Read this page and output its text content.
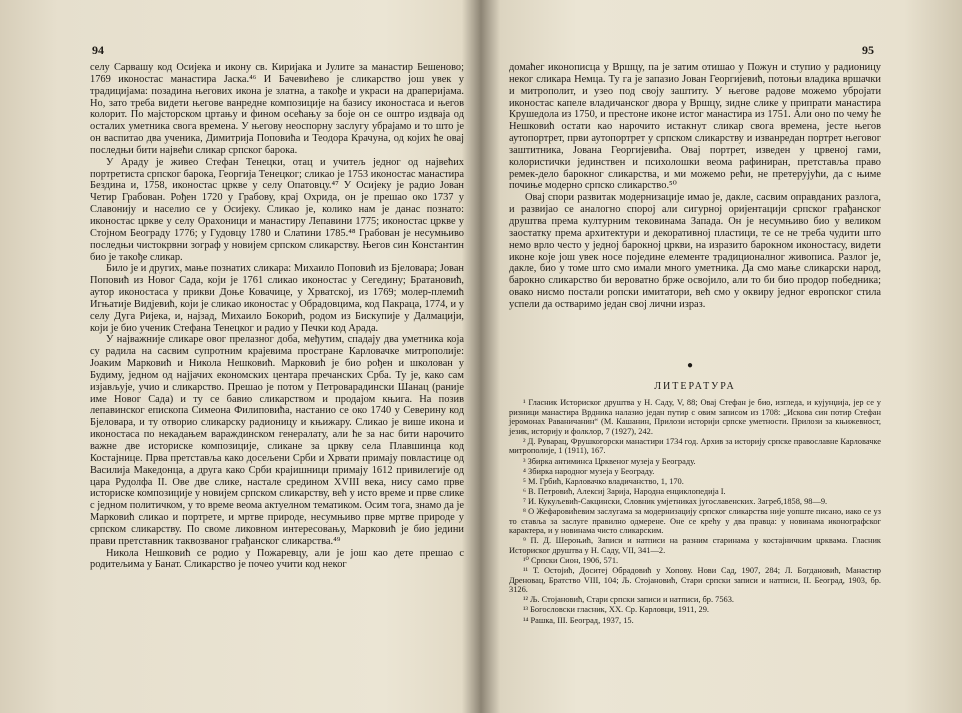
94

селу Сарвашу код Осијека и икону св. Киријака и Јулите за манастир Бешеново; 1769 иконостас манастира Јаска.⁴⁶ И Бачевићево је сликарство још увек у традицијама: позадина његових икона је златна, а такође и украси на драперијама. Но, зато треба видети његове ванредне композиције на базису иконостаса и његов колорит. По мајсторском цртању и фином осећању за боје он се оштро издваја од осталих уметника свога времена. У његову неоспорну заслугу убрајамо и то што је он васпитао два ученика, Димитрија Поповића и Теодора Крачуна, од којих ће овај последњи бити највећи сликар српског барока.

У Араду је живео Стефан Тенецки, отац и учитељ једног од највећих портретиста српског барока, Георгија Тенецког; сликао је 1753 иконостас манастира Бездина и, 1758, иконостас цркве у селу Опатовцу.⁴⁷ У Осијеку је радио Јован Четир Грабован. Рођен 1720 у Грабову, крај Охрида, он је прешао око 1737 у Славонију и населио се у Осијеку. Сликао је, колико нам је данас познато: иконостас цркве у селу Орахоници и манастиру Лепавини 1775; иконостас цркве у Стојном Београду 1776; у Гудовцу 1780 и Слатини 1785.⁴⁸ Грабован је несумњиво последњи чистокрвни зограф у новијем српском сликарству. Његов син Константин био је такође сликар.

Било је и других, мање познатих сликара: Михаило Поповић из Бјеловара; Јован Поповић из Новог Сада, који је 1761 сликао иконостас у Сегедину; Братановић, аутор иконостаса у прикви Доње Ковачице, у Хрватској, из 1769; молер-племић Игњатије Видјевић, који је сликао иконостас у Обрадовцима, код Пакраца, 1774, и у селу Дуга Ријека, и, најзад, Михаило Бокорић, родом из Бискупије у Далмацији, који је био ученик Стефана Тенецког и радио у Печки код Арада.

У најважније сликаре овог прелазног доба, међутим, спадају два уметника која су радила на сасвим супротним крајевима простране Карловачке митрополије: Јоаким Марковић и Никола Нешковић. Марковић је био рођен и школован у Будиму, једном од најјачих економских центара пречанских Срба. Ту је, како сам изјављује, учио и сликарство. Прешао је потом у Петроварадински Шанац (раније име Новог Сада) и ту се бавио сликарством и продајом књига. На позив лепавинског епископа Симеона Филиповића, настанио се око 1740 у Северину код Бјеловара, и ту отворио сликарску радионицу и књижару. Сликао је више икона и иконостаса по некадањем вараждинском генералату, али ће за нас бити нарочито важне две историске композиције, сликане за цркву села Плавшинца код Костајнице. Прва претставља како досељени Срби и Хрвати примају повластице од Василија Македонца, а друга како Срби крајишници примају 1612 привилегије од цара Рудолфа II. Ове две слике, настале средином XVIII века, нису само прве историске композиције у новијем српском сликарству, већ у исто време и прве слике с једном политичком, у то време веома актуелном тематиком. Осим тога, знамо да је Марковић сликао и портрете, и мртве природе, несумњиво прве мртве природе у српском сликарству. По своме ликовном интересовању, Марковић је био једини прави претставник таквозваног грађанског сликарства.⁴⁹

Никола Нешковић се родио у Пожаревцу, али је још као дете прешао с родитељима у Банат. Сликарство је почео учити код неког

95

домаћег иконописца у Вршцу, па је затим отишао у Пожун и ступио у радионицу неког сликара Немца. Ту га је запазио Јован Георгијевић, потоњи владика вршачки и митрополит, и узео под своју заштиту. У његове радове можемо убројати иконостас капеле владичанског двора у Вршцу, зидне слике у припрати манастира Крушедола из 1750, и престоне иконе истог манастира из 1751. Али оно по чему ће Нешковић остати као нарочито истакнут сликар свога времена, јесте његов аутопортрет, први аутопортрет у српском сликарству и изванредан портрет његовог заштитника, Јована Георгијевића. Овај портрет, изведен у црвеној гами, колористички јединствен и психолошки веома рафиниран, претставља право ремек-дело барокног сликарства, и ми можемо рећи, не претерујући, да с њиме почиње модерно српско сликарство.⁵⁰

Овај спори развитак модернизације имао је, дакле, сасвим оправданих разлога, и развијао се аналогно спорој али сигурној оријентацији српског грађанског друштва према културним тековинама Запада. Он је несумњиво био у великом заостатку према архитектури и декоративној пластици, те се не треба чудити што немо врло често у једној барокној цркви, на изразито барокном иконостасу, видети иконе које још увек носе поједине елементе традиционалног живописа. Разлог је, дакле, био у томе што смо имали много уметника. Да смо мање сликарски народ, барокно сликарство би вероватно брже освојило, али то би био продор победника; овако нисмо постали ропски имитатори, већ смо у оквиру једног европског стила успели да остваримо један свој лични израз.

●
ЛИТЕРАТУРА

¹ Гласник Историског друштва у Н. Саду, V, 88; Овај Стефан је био, изгледа, и кујунџија, јер се у ризници манастира Врдника налазио један путир с овим записом из 1708: „Искова син потир Стефан јеромонах Раваничанин“ (М. Кашанин, Прилози историји српске уметности. Прилози за књижевност, језик, историју и фолклор, 7 (1927), 242.

² Д. Руварац, Фрушкогорски манастири 1734 год. Архив за историју српске православне Карловачке митрополије, 1 (1911), 167.

³ Збирка антиминса Црквеног музеја у Београду.

⁴ Збирка народног музеја у Београду.

⁵ М. Грбић, Карловачко владичанство, 1, 170.

⁶ В. Петровић, Алексиј Зарија, Народна енциклопедија I.

⁷ И. Кукуљевић-Сакцински, Словник умјетникаx југославенских. Загреб,1858, 98—9.

⁸ О Жефаровићевим заслугама за модернизацију српског сликарства није уопште писано, иако се уз то ставља за заслуге правилно одмерене. Оне се крећу у два правца: у новинама иконографског карактера, и у новинама чисто сликарским.

⁹ П. Д. Шероњић, Записи и натписи на разним старинама у костајничким црквама. Гласник Историског друштва у Н. Саду, VII, 341—2.

¹⁰ Српски Сион, 1906, 571.

¹¹ Т. Остојић, Доситеј Обрадовић у Хопову. Нови Сад, 1907, 284; Л. Богдановић, Манастир Дреновац, Братство VIII, 104; Љ. Стојановић, Стари српски записи и натписи, II. Београд, 1903, бр. 3126.

¹² Љ. Стојановић, Стари српски записи и натписи, бр. 7563.

¹³ Богословски гласник, XX. Ср. Карловци, 1911, 29.

¹⁴ Рашка, III. Београд, 1937, 15.
